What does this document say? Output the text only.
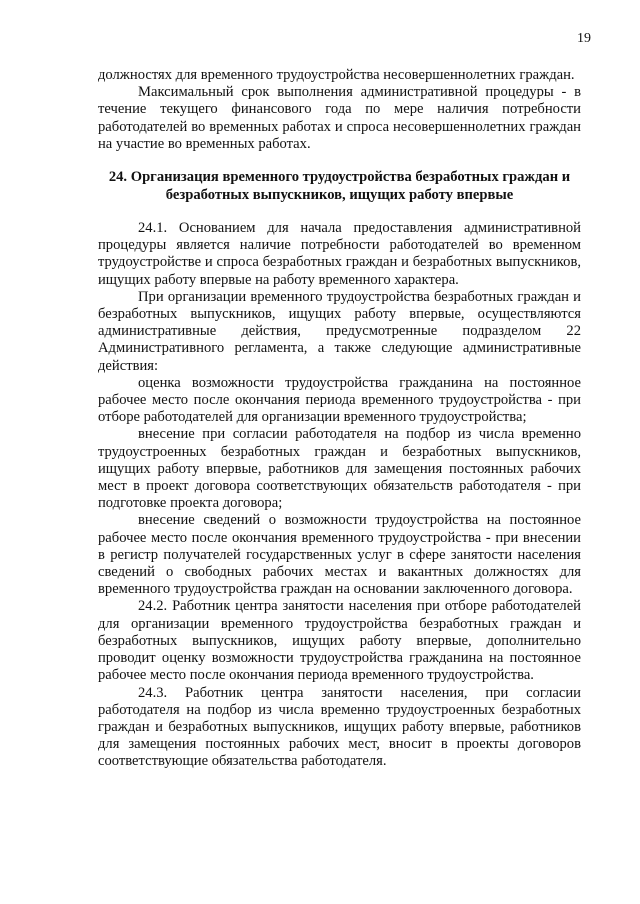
19

должностях для временного трудоустройства несовершеннолетних граждан.

Максимальный срок выполнения административной процедуры - в течение текущего финансового года по мере наличия потребности работодателей во временных работах и спроса несовершеннолетних граждан на участие во временных работах.

24. Организация временного трудоустройства безработных граждан и безработных выпускников, ищущих работу впервые

24.1. Основанием для начала предоставления административной процедуры является наличие потребности работодателей во временном трудоустройстве и спроса безработных граждан и безработных выпускников, ищущих работу впервые на работу временного характера.

При организации временного трудоустройства безработных граждан и безработных выпускников, ищущих работу впервые, осуществляются административные действия, предусмотренные подразделом 22 Административного регламента, а также следующие административные действия:

оценка возможности трудоустройства гражданина на постоянное рабочее место после окончания периода временного трудоустройства - при отборе работодателей для организации временного трудоустройства;

внесение при согласии работодателя на подбор из числа временно трудоустроенных безработных граждан и безработных выпускников, ищущих работу впервые, работников для замещения постоянных рабочих мест в проект договора соответствующих обязательств работодателя - при подготовке проекта договора;

внесение сведений о возможности трудоустройства на постоянное рабочее место после окончания временного трудоустройства - при внесении в регистр получателей государственных услуг в сфере занятости населения сведений о свободных рабочих местах и вакантных должностях для временного трудоустройства граждан на основании заключенного договора.

24.2. Работник центра занятости населения при отборе работодателей для организации временного трудоустройства безработных граждан и безработных выпускников, ищущих работу впервые, дополнительно проводит оценку возможности трудоустройства гражданина на постоянное рабочее место после окончания периода временного трудоустройства.

24.3. Работник центра занятости населения, при согласии работодателя на подбор из числа временно трудоустроенных безработных граждан и безработных выпускников, ищущих работу впервые, работников для замещения постоянных рабочих мест, вносит в проекты договоров соответствующие обязательства работодателя.
